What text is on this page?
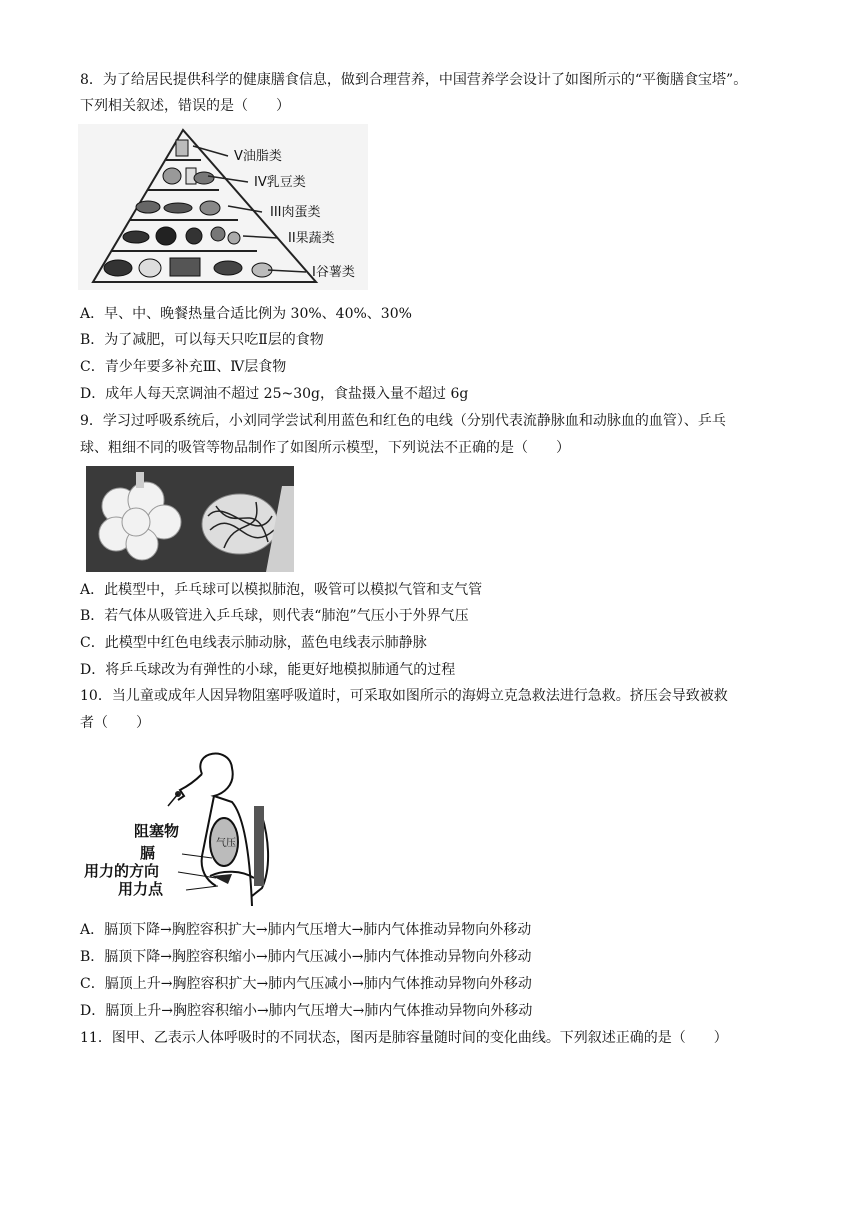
8．为了给居民提供科学的健康膳食信息，做到合理营养，中国营养学会设计了如图所示的“平衡膳食宝塔”。
下列相关叙述，错误的是（　　）
V油脂类
IV乳豆类
III肉蛋类
II果蔬类
I谷薯类
A．早、中、晚餐热量合适比例为 30%、40%、30%
B．为了减肥，可以每天只吃Ⅱ层的食物
C．青少年要多补充Ⅲ、Ⅳ层食物
D．成年人每天烹调油不超过 25~30g，食盐摄入量不超过 6g
9．学习过呼吸系统后，小刘同学尝试利用蓝色和红色的电线（分别代表流静脉血和动脉血的血管）、乒乓
球、粗细不同的吸管等物品制作了如图所示模型，下列说法不正确的是（　　）
A．此模型中，乒乓球可以模拟肺泡，吸管可以模拟气管和支气管
B．若气体从吸管进入乒乓球，则代表“肺泡”气压小于外界气压
C．此模型中红色电线表示肺动脉，蓝色电线表示肺静脉
D．将乒乓球改为有弹性的小球，能更好地模拟肺通气的过程
10．当儿童或成年人因异物阻塞呼吸道时，可采取如图所示的海姆立克急救法进行急救。挤压会导致被救
者（　　）
气压
阻塞物
膈
用力的方向
用力点
A．膈顶下降→胸腔容积扩大→肺内气压增大→肺内气体推动异物向外移动
B．膈顶下降→胸腔容积缩小→肺内气压减小→肺内气体推动异物向外移动
C．膈顶上升→胸腔容积扩大→肺内气压减小→肺内气体推动异物向外移动
D．膈顶上升→胸腔容积缩小→肺内气压增大→肺内气体推动异物向外移动
11．图甲、乙表示人体呼吸时的不同状态，图丙是肺容量随时间的变化曲线。下列叙述正确的是（　　）
